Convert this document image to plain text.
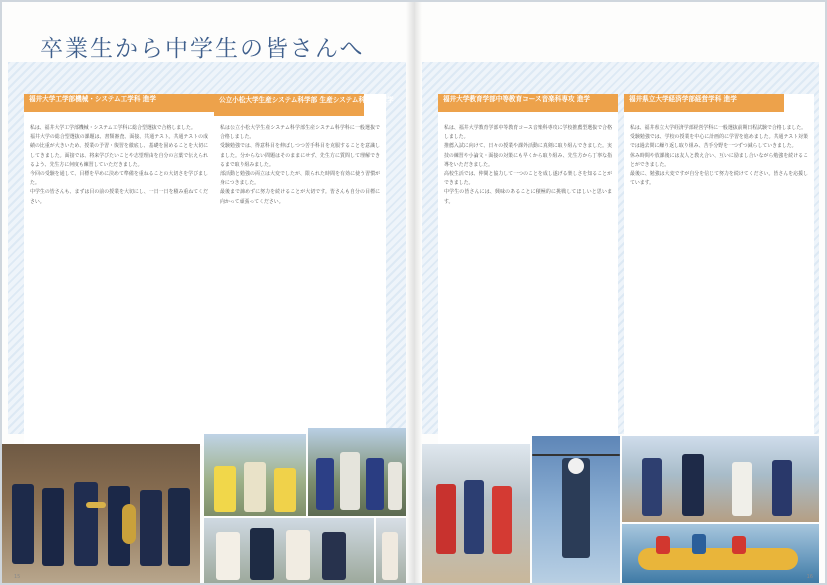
卒業生から中学生の皆さんへ
福井大学工学部機械・システム工学科 進学

私は、福井大学工学部機械・システム工学科に総合型選抜で合格しました。

福井大学の総合型選抜の課題は、書類審査、面接、共通テスト。共通テストの成績の比重が大きいため、授業の予習・復習を徹底し、基礎を固めることを大切にしてきました。面接では、将来学びたいことや志望理由を自分の言葉で伝えられるよう、先生方に何度も練習していただきました。

今回の受験を通して、目標を早めに決めて準備を重ねることの大切さを学びました。

中学生の皆さんも、まずは目の前の授業を大切にし、一日一日を積み重ねてください。

公立小松大学生産システム科学部 生産システム科学科 進学

私は公立小松大学生産システム科学部生産システム科学科に一般選抜で合格しました。

受験勉強では、得意科目を伸ばしつつ苦手科目を克服することを意識しました。分からない問題はそのままにせず、先生方に質問して理解できるまで取り組みました。

部活動と勉強の両立は大変でしたが、限られた時間を有効に使う習慣が身につきました。

最後まで諦めずに努力を続けることが大切です。皆さんも自分の目標に向かって頑張ってください。

福井大学教育学部中等教育コース音楽科専攻 進学

私は、福井大学教育学部中等教育コース音楽科専攻に学校推薦型選抜で合格しました。

推薦入試に向けて、日々の授業や課外活動に真剣に取り組んできました。実技の練習や小論文・面接の対策にも早くから取り組み、先生方から丁寧な指導をいただきました。

高校生活では、仲間と協力して一つのことを成し遂げる楽しさを知ることができました。

中学生の皆さんには、興味のあることに積極的に挑戦してほしいと思います。

福井県立大学経済学部経営学科 進学

私は、福井県立大学経済学部経営学科に一般選抜前期日程試験で合格しました。

受験勉強では、学校の授業を中心に計画的に学習を進めました。共通テスト対策では過去問に繰り返し取り組み、苦手分野を一つずつ減らしていきました。

休み時間や放課後には友人と教え合い、互いに励まし合いながら勉強を続けることができました。

最後に、勉強は大変ですが自分を信じて努力を続けてください。皆さんを応援しています。

15	16
